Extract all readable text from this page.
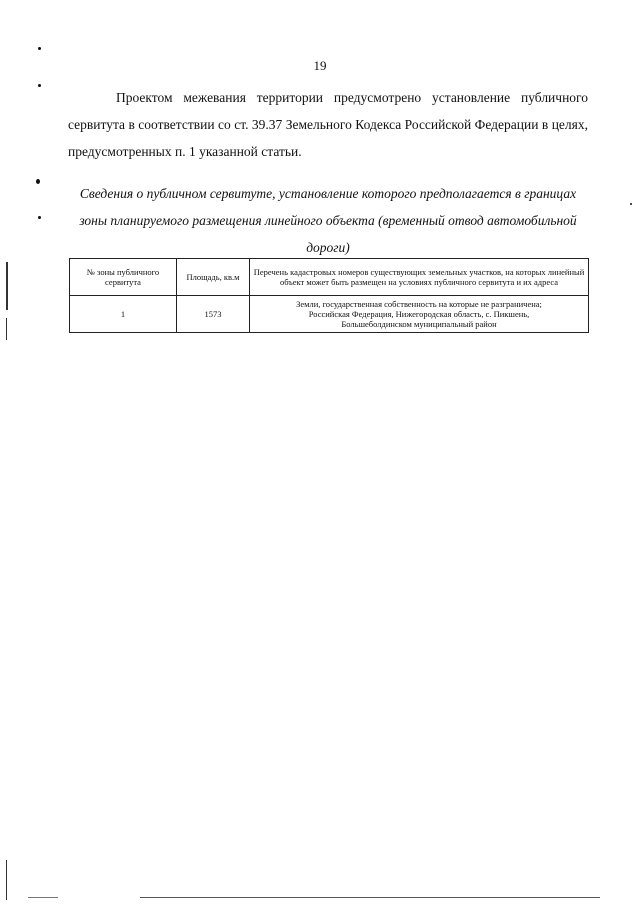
19

Проектом межевания территории предусмотрено установление публичного сервитута в соответствии со ст. 39.37 Земельного Кодекса Российской Федерации в целях, предусмотренных п. 1 указанной статьи.

Сведения о публичном сервитуте, установление которого предполагается в границах зоны планируемого размещения линейного объекта (временный отвод автомобильной дороги)

№ зоны публичного сервитута	Площадь, кв.м	Перечень кадастровых номеров существующих земельных участков, на которых линейный объект может быть размещен на условиях публичного сервитута и их адреса
1	1573	Земли, государственная собственность на которые не разграничена;
Российская Федерация, Нижегородская область, с. Пикшень,
Большеболдинском муниципальный район
